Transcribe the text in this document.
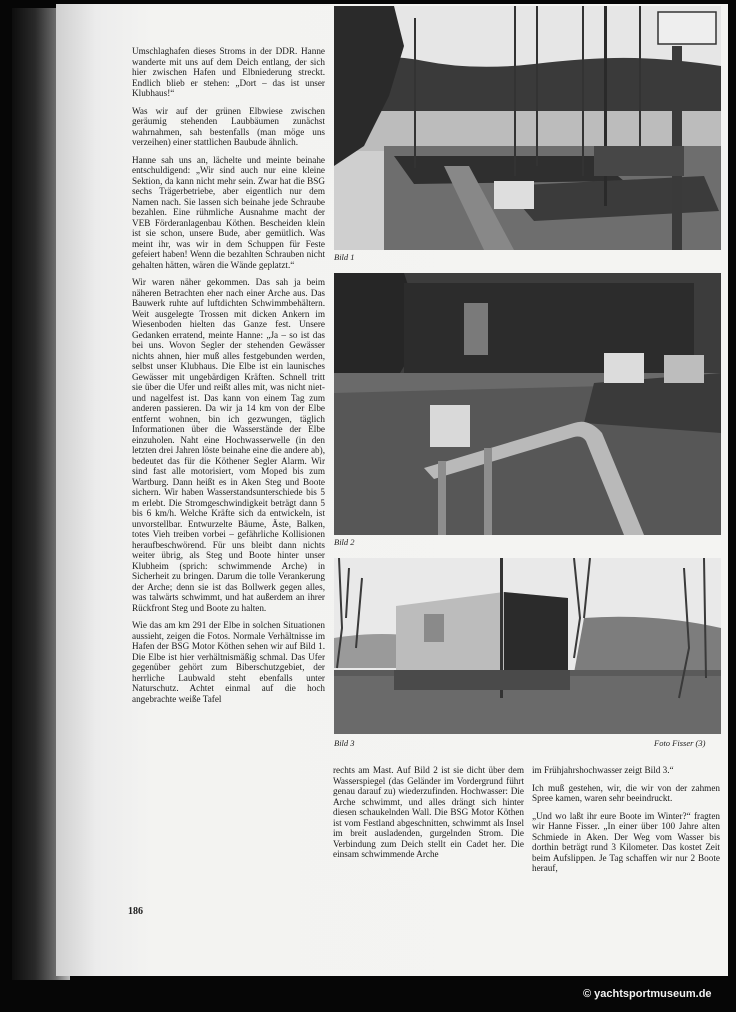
Umschlaghafen dieses Stroms in der DDR. Hanne wanderte mit uns auf dem Deich entlang, der sich hier zwischen Hafen und Elbniederung streckt. Endlich blieb er stehen: „Dort – das ist unser Klubhaus!“

Was wir auf der grünen Elbwiese zwischen geräumig stehenden Laubbäumen zunächst wahrnahmen, sah bestenfalls (man möge uns verzeihen) einer stattlichen Baubude ähnlich.

Hanne sah uns an, lächelte und meinte beinahe entschuldigend: „Wir sind auch nur eine kleine Sektion, da kann nicht mehr sein. Zwar hat die BSG sechs Trägerbetriebe, aber eigentlich nur dem Namen nach. Sie lassen sich beinahe jede Schraube bezahlen. Eine rühmliche Ausnahme macht der VEB Förderanlagenbau Köthen. Bescheiden klein ist sie schon, unsere Bude, aber gemütlich. Was meint ihr, was wir in dem Schuppen für Feste gefeiert haben! Wenn die bezahlten Schrauben nicht gehalten hätten, wären die Wände geplatzt.“

Wir waren näher gekommen. Das sah ja beim näheren Betrachten eher nach einer Arche aus. Das Bauwerk ruhte auf luftdichten Schwimmbehältern. Weit ausgelegte Trossen mit dicken Ankern im Wiesenboden hielten das Ganze fest. Unsere Gedanken erratend, meinte Hanne: „Ja – so ist das bei uns. Wovon Segler der stehenden Gewässer nichts ahnen, hier muß alles festgebunden werden, selbst unser Klubhaus. Die Elbe ist ein launisches Gewässer mit ungebärdigen Kräften. Schnell tritt sie über die Ufer und reißt alles mit, was nicht niet- und nagelfest ist. Das kann von einem Tag zum anderen passieren. Da wir ja 14 km von der Elbe entfernt wohnen, bin ich gezwungen, täglich Informationen über die Wasserstände der Elbe einzuholen. Naht eine Hochwasserwelle (in den letzten drei Jahren löste beinahe eine die andere ab), bedeutet das für die Köthener Segler Alarm. Wir sind fast alle motorisiert, vom Moped bis zum Wartburg. Dann heißt es in Aken Steg und Boote sichern. Wir haben Wasserstandsunterschiede bis 5 m erlebt. Die Stromgeschwindigkeit beträgt dann 5 bis 6 km/h. Welche Kräfte sich da entwickeln, ist unvorstellbar. Entwurzelte Bäume, Äste, Balken, totes Vieh treiben vorbei – gefährliche Kollisionen heraufbeschwörend. Für uns bleibt dann nichts weiter übrig, als Steg und Boote hinter unser Klubheim (sprich: schwimmende Arche) in Sicherheit zu bringen. Darum die tolle Verankerung der Arche; denn sie ist das Bollwerk gegen alles, was talwärts schwimmt, und hat außerdem an ihrer Rückfront Steg und Boote zu halten.

Wie das am km 291 der Elbe in solchen Situationen aussieht, zeigen die Fotos. Normale Verhältnisse im Hafen der BSG Motor Köthen sehen wir auf Bild 1. Die Elbe ist hier verhältnismäßig schmal. Das Ufer gegenüber gehört zum Biberschutzgebiet, der herrliche Laubwald steht ebenfalls unter Naturschutz. Achtet einmal auf die hoch angebrachte weiße Tafel

Bild 1
Bild 2
Bild 3	Foto Fisser (3)

rechts am Mast. Auf Bild 2 ist sie dicht über dem Wasserspiegel (das Geländer im Vordergrund führt genau darauf zu) wiederzufinden. Hochwasser: Die Arche schwimmt, und alles drängt sich hinter diesen schaukelnden Wall. Die BSG Motor Köthen ist vom Festland abgeschnitten, schwimmt als Insel im breit ausladenden, gurgelnden Strom. Die Verbindung zum Deich stellt ein Cadet her. Die einsam schwimmende Arche

im Frühjahrshochwasser zeigt Bild 3.“

Ich muß gestehen, wir, die wir von der zahmen Spree kamen, waren sehr beeindruckt.

„Und wo laßt ihr eure Boote im Winter?“ fragten wir Hanne Fisser. „In einer über 100 Jahre alten Schmiede in Aken. Der Weg vom Wasser bis dorthin beträgt rund 3 Kilometer. Das kostet Zeit beim Aufslippen. Je Tag schaffen wir nur 2 Boote herauf,

186
© yachtsportmuseum.de
